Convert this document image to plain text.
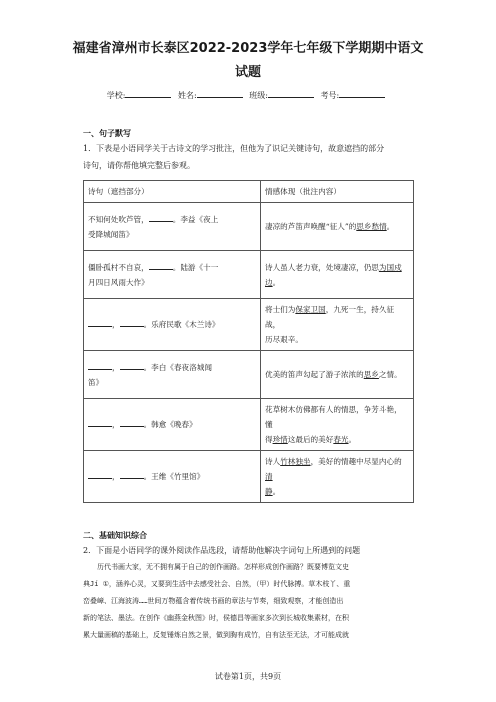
福建省漳州市长泰区2022-2023学年七年级下学期期中语文
试题
学校:	姓名:	班级:	考号:
一、句子默写
1．下表是小语同学关于古诗文的学习批注，但他为了识记关键诗句，故意遮挡的部分
诗句，请你帮他填完整后参观。
诗句（遮挡部分）	情感体现（批注内容）
不知何处吹芦管， 。李益《夜上
受降城闻笛》	凄凉的芦笛声唤醒“征人”的思乡愁情。
僵卧孤村不自哀， 。陆游《十一
月四日风雨大作》	诗人虽人老力衰，处境凄凉，仍思为国戍边。
， 。乐府民歌《木兰诗》	将士们为保家卫国，九死一生，持久征战，
历尽艰辛。
， 。李白《春夜洛城闻
笛》	优美的笛声勾起了游子浓浓的思乡之情。
， 。韩愈《晚春》	花草树木仿佛都有人的情思，争芳斗艳，懂
得珍惜这最后的美好春光。
， 。王维《竹里馆》	诗人竹林独坐，美好的情趣中尽显内心的清
静。
二、基础知识综合
2．下面是小语同学的课外阅读作品选段，请帮助他解决字词句上所遇到的问题
历代书画大家，无不拥有属于自己的创作画路。怎样形成创作画路？既要博览文史
典Jí ①，涵养心灵，又要到生活中去感受社会、自然，（甲）时代脉搏。草木枝丫、重
峦叠嶂、江海波涛……世间万物蕴含着传统书画的章法与节奏，细致观察，才能创造出
新的笔法、墨法。在创作《幽燕金秋图》时，侯德昌等画家多次到长城收集素材，在积
累大量画稿的基础上，反复锤炼自然之景，做到胸有成竹，自有法至无法，才可能成就
试卷第1页，共9页
